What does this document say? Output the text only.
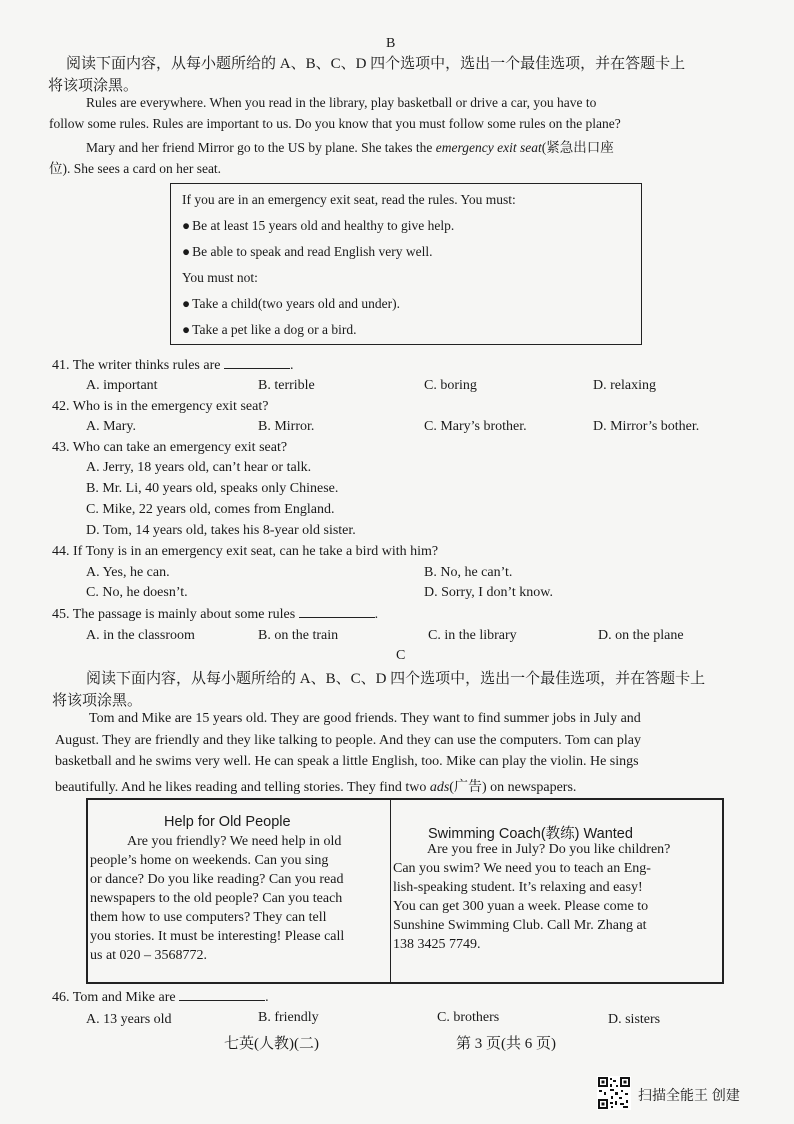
B
阅读下面内容，从每小题所给的 A、B、C、D 四个选项中，选出一个最佳选项，并在答题卡上
将该项涂黑。
Rules are everywhere. When you read in the library, play basketball or drive a car, you have to
follow some rules. Rules are important to us. Do you know that you must follow some rules on the plane?
Mary and her friend Mirror go to the US by plane. She takes the emergency exit seat(紧急出口座
位). She sees a card on her seat.
If you are in an emergency exit seat, read the rules. You must:
● Be at least 15 years old and healthy to give help.
● Be able to speak and read English very well.
You must not:
● Take a child(two years old and under).
● Take a pet like a dog or a bird.
41. The writer thinks rules are	.
A. important	B. terrible	C. boring	D. relaxing
42. Who is in the emergency exit seat?
A. Mary.	B. Mirror.	C. Mary’s brother.	D. Mirror’s bother.
43. Who can take an emergency exit seat?
A. Jerry, 18 years old, can’t hear or talk.
B. Mr. Li, 40 years old, speaks only Chinese.
C. Mike, 22 years old, comes from England.
D. Tom, 14 years old, takes his 8-year old sister.
44. If Tony is in an emergency exit seat, can he take a bird with him?
A. Yes, he can.	B. No, he can’t.
C. No, he doesn’t.	D. Sorry, I don’t know.
45. The passage is mainly about some rules	.
A. in the classroom	B. on the train	C. in the library	D. on the plane
C
阅读下面内容，从每小题所给的 A、B、C、D 四个选项中，选出一个最佳选项，并在答题卡上
将该项涂黑。
Tom and Mike are 15 years old. They are good friends. They want to find summer jobs in July and
August. They are friendly and they like talking to people. And they can use the computers. Tom can play
basketball and he swims very well. He can speak a little English, too. Mike can play the violin. He sings
beautifully. And he likes reading and telling stories. They find two ads(广告) on newspapers.
Help for Old People
Are you friendly? We need help in old
people’s home on weekends. Can you sing
or dance? Do you like reading? Can you read
newspapers to the old people? Can you teach
them how to use computers? They can tell
you stories. It must be interesting! Please call
us at 020 – 3568772.
Swimming Coach(教练) Wanted
Are you free in July? Do you like children?
Can you swim? We need you to teach an Eng-
lish-speaking student. It’s relaxing and easy!
You can get 300 yuan a week. Please come to
Sunshine Swimming Club. Call Mr. Zhang at
138 3425 7749.
46. Tom and Mike are	.
A. 13 years old	B. friendly	C. brothers	D. sisters
七英(人教)(二)	第 3 页(共 6 页)
扫描全能王 创建
